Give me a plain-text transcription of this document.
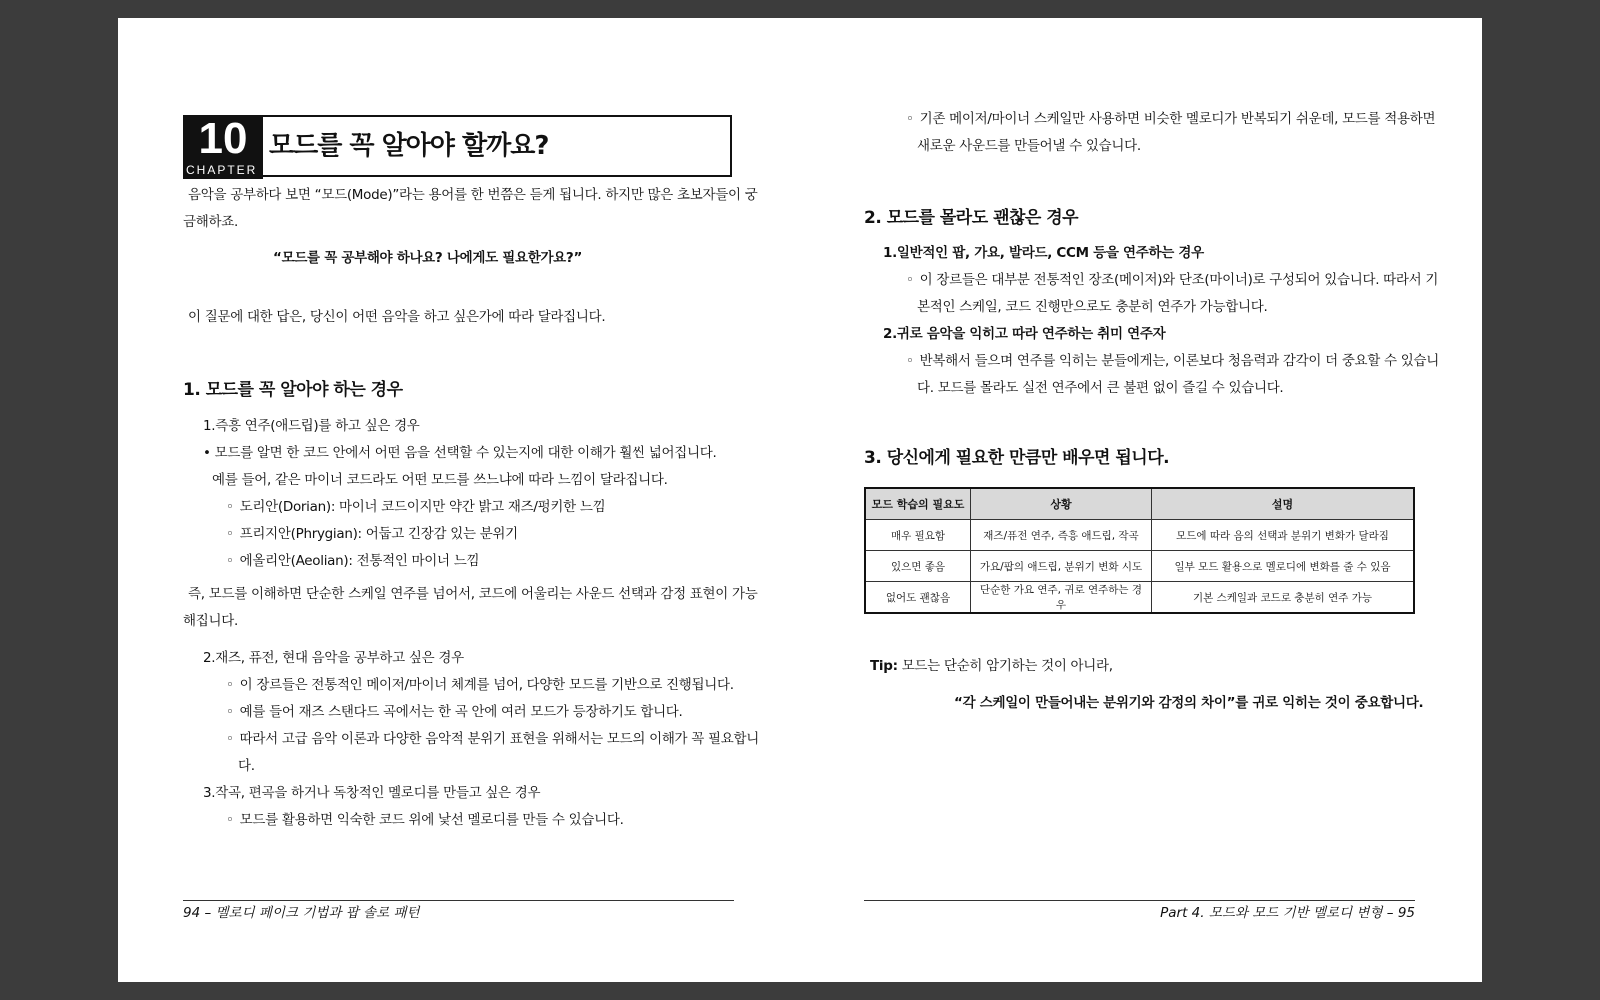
10
CHAPTER
모드를 꼭 알아야 할까요?
음악을 공부하다 보면 “모드(Mode)”라는 용어를 한 번쯤은 듣게 됩니다. 하지만 많은 초보자들이 궁
금해하죠.
“모드를 꼭 공부해야 하나요? 나에게도 필요한가요?”
이 질문에 대한 답은, 당신이 어떤 음악을 하고 싶은가에 따라 달라집니다.
1. 모드를 꼭 알아야 하는 경우
1.즉흥 연주(애드립)를 하고 싶은 경우
• 모드를 알면 한 코드 안에서 어떤 음을 선택할 수 있는지에 대한 이해가 훨씬 넓어집니다.
예를 들어, 같은 마이너 코드라도 어떤 모드를 쓰느냐에 따라 느낌이 달라집니다.
◦ 도리안(Dorian): 마이너 코드이지만 약간 밝고 재즈/펑키한 느낌
◦ 프리지안(Phrygian): 어둡고 긴장감 있는 분위기
◦ 에올리안(Aeolian): 전통적인 마이너 느낌
즉, 모드를 이해하면 단순한 스케일 연주를 넘어서, 코드에 어울리는 사운드 선택과 감정 표현이 가능
해집니다.
2.재즈, 퓨전, 현대 음악을 공부하고 싶은 경우
◦ 이 장르들은 전통적인 메이저/마이너 체계를 넘어, 다양한 모드를 기반으로 진행됩니다.
◦ 예를 들어 재즈 스탠다드 곡에서는 한 곡 안에 여러 모드가 등장하기도 합니다.
◦ 따라서 고급 음악 이론과 다양한 음악적 분위기 표현을 위해서는 모드의 이해가 꼭 필요합니
다.
3.작곡, 편곡을 하거나 독창적인 멜로디를 만들고 싶은 경우
◦ 모드를 활용하면 익숙한 코드 위에 낯선 멜로디를 만들 수 있습니다.
94 – 멜로디 페이크 기법과 팝 솔로 패턴
◦ 기존 메이저/마이너 스케일만 사용하면 비슷한 멜로디가 반복되기 쉬운데, 모드를 적용하면
새로운 사운드를 만들어낼 수 있습니다.
2. 모드를 몰라도 괜찮은 경우
1.일반적인 팝, 가요, 발라드, CCM 등을 연주하는 경우
◦ 이 장르들은 대부분 전통적인 장조(메이저)와 단조(마이너)로 구성되어 있습니다. 따라서 기
본적인 스케일, 코드 진행만으로도 충분히 연주가 가능합니다.
2.귀로 음악을 익히고 따라 연주하는 취미 연주자
◦ 반복해서 들으며 연주를 익히는 분들에게는, 이론보다 청음력과 감각이 더 중요할 수 있습니
다. 모드를 몰라도 실전 연주에서 큰 불편 없이 즐길 수 있습니다.
3. 당신에게 필요한 만큼만 배우면 됩니다.
모드 학습의 필요도	상황	설명
매우 필요함	재즈/퓨전 연주, 즉흥 애드립, 작곡	모드에 따라 음의 선택과 분위기 변화가 달라짐
있으면 좋음	가요/팝의 애드립, 분위기 변화 시도	일부 모드 활용으로 멜로디에 변화를 줄 수 있음
없어도 괜찮음	단순한 가요 연주, 귀로 연주하는 경우	기본 스케일과 코드로 충분히 연주 가능
Tip: 모드는 단순히 암기하는 것이 아니라,
“각 스케일이 만들어내는 분위기와 감정의 차이”를 귀로 익히는 것이 중요합니다.
Part 4. 모드와 모드 기반 멜로디 변형 – 95
